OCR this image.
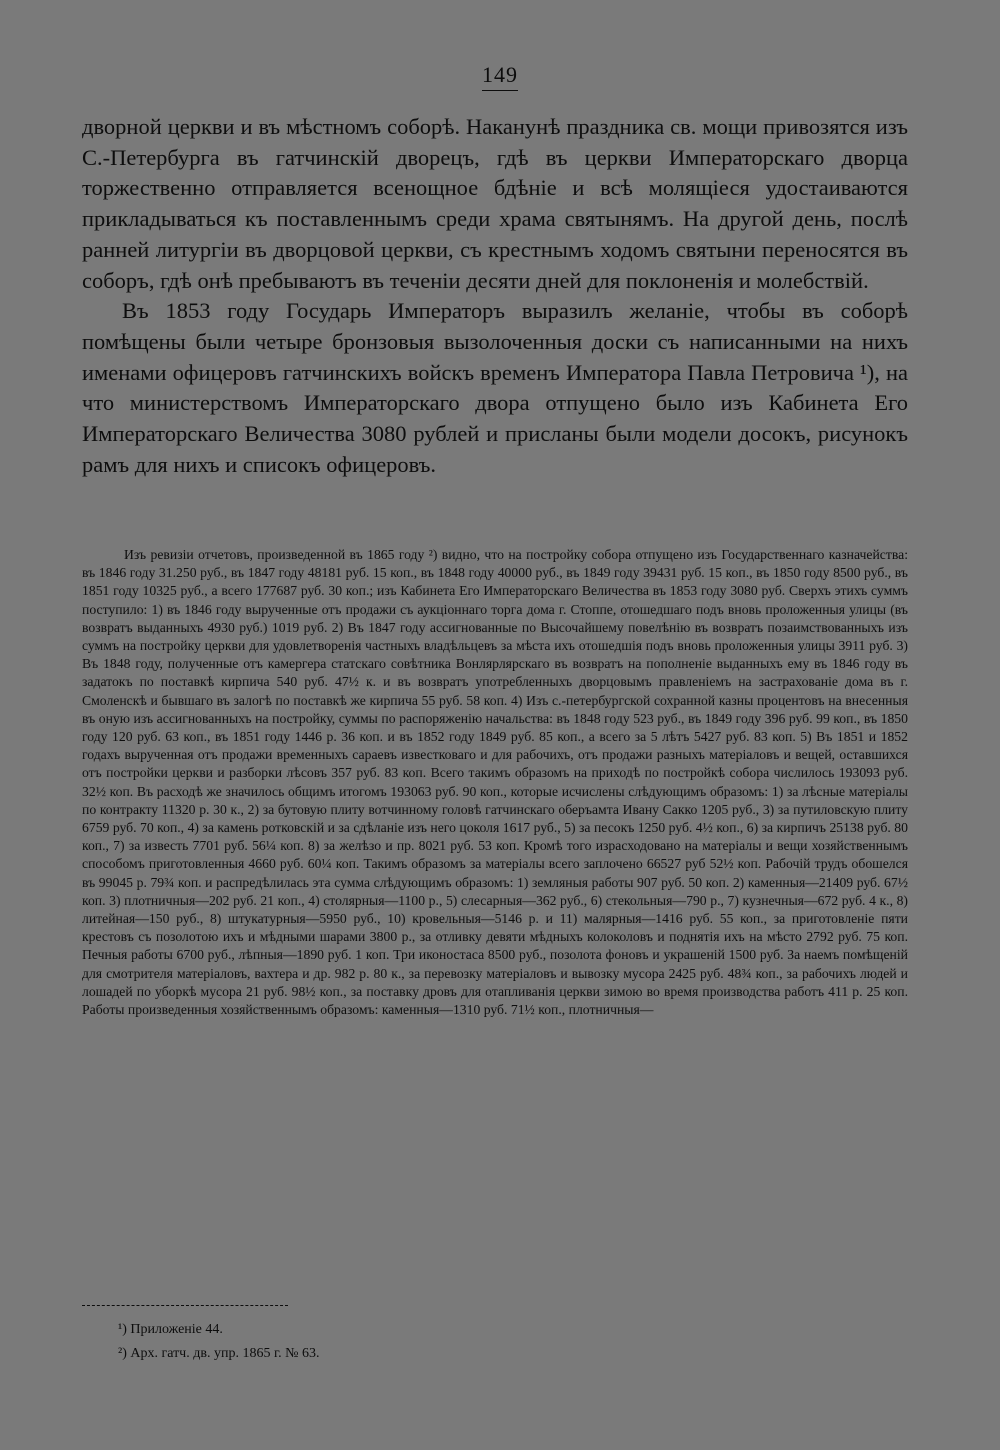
149

дворной церкви и въ мѣстномъ соборѣ. Наканунѣ праздника св. мощи привозятся изъ С.-Петербурга въ гатчинскій дворецъ, гдѣ въ церкви Императорскаго дворца торжественно отправляется всенощное бдѣніе и всѣ молящіеся удостаиваются прикладываться къ поставленнымъ среди храма святынямъ. На другой день, послѣ ранней литургіи въ дворцовой церкви, съ крестнымъ ходомъ святыни переносятся въ соборъ, гдѣ онѣ пребываютъ въ теченіи десяти дней для поклоненія и молебствій.

Въ 1853 году Государь Императоръ выразилъ желаніе, чтобы въ соборѣ помѣщены были четыре бронзовыя вызолоченныя доски съ написанными на нихъ именами офицеровъ гатчинскихъ войскъ временъ Императора Павла Петровича ¹), на что министерствомъ Императорскаго двора отпущено было изъ Кабинета Его Императорскаго Величества 3080 рублей и присланы были модели досокъ, рисунокъ рамъ для нихъ и списокъ офицеровъ.

Изъ ревизіи отчетовъ, произведенной въ 1865 году ²) видно, что на постройку собора отпущено изъ Государственнаго казначейства: въ 1846 году 31.250 руб., въ 1847 году 48181 руб. 15 коп., въ 1848 году 40000 руб., въ 1849 году 39431 руб. 15 коп., въ 1850 году 8500 руб., въ 1851 году 10325 руб., а всего 177687 руб. 30 коп.; изъ Кабинета Его Императорскаго Величества въ 1853 году 3080 руб. Сверхъ этихъ суммъ поступило: 1) въ 1846 году вырученные отъ продажи съ аукціоннаго торга дома г. Стоппе, отошедшаго подъ вновь проложенныя улицы (въ возвратъ выданныхъ 4930 руб.) 1019 руб. 2) Въ 1847 году ассигнованные по Высочайшему повелѣнію въ возвратъ позаимствованныхъ изъ суммъ на постройку церкви для удовлетворенія частныхъ владѣльцевъ за мѣста ихъ отошедшія подъ вновь проложенныя улицы 3911 руб. 3) Въ 1848 году, полученные отъ камергера статскаго совѣтника Вонлярлярскаго въ возвратъ на пополненіе выданныхъ ему въ 1846 году въ задатокъ по поставкѣ кирпича 540 руб. 47½ к. и въ возвратъ употребленныхъ дворцовымъ правленіемъ на застрахованіе дома въ г. Смоленскѣ и бывшаго въ залогѣ по поставкѣ же кирпича 55 руб. 58 коп. 4) Изъ с.-петербургской сохранной казны процентовъ на внесенныя въ оную изъ ассигнованныхъ на постройку, суммы по распоряженію начальства: въ 1848 году 523 руб., въ 1849 году 396 руб. 99 коп., въ 1850 году 120 руб. 63 коп., въ 1851 году 1446 р. 36 коп. и въ 1852 году 1849 руб. 85 коп., а всего за 5 лѣтъ 5427 руб. 83 коп. 5) Въ 1851 и 1852 годахъ вырученная отъ продажи временныхъ сараевъ известковаго и для рабочихъ, отъ продажи разныхъ матеріаловъ и вещей, оставшихся отъ постройки церкви и разборки лѣсовъ 357 руб. 83 коп. Всего такимъ образомъ на приходѣ по постройкѣ собора числилось 193093 руб. 32½ коп. Въ расходѣ же значилось общимъ итогомъ 193063 руб. 90 коп., которые исчислены слѣдующимъ образомъ: 1) за лѣсные матеріалы по контракту 11320 р. 30 к., 2) за бутовую плиту вотчинному головѣ гатчинскаго оберъамта Ивану Сакко 1205 руб., 3) за путиловскую плиту 6759 руб. 70 коп., 4) за камень ротковскій и за сдѣланіе изъ него цоколя 1617 руб., 5) за песокъ 1250 руб. 4½ коп., 6) за кирпичъ 25138 руб. 80 коп., 7) за известь 7701 руб. 56¼ коп. 8) за желѣзо и пр. 8021 руб. 53 коп. Кромѣ того израсходовано на матеріалы и вещи хозяйственнымъ способомъ приготовленныя 4660 руб. 60¼ коп. Такимъ образомъ за матеріалы всего заплочено 66527 руб 52½ коп. Рабочій трудъ обошелся въ 99045 р. 79¾ коп. и распредѣлилась эта сумма слѣдующимъ образомъ: 1) земляныя работы 907 руб. 50 коп. 2) каменныя—21409 руб. 67½ коп. 3) плотничныя—202 руб. 21 коп., 4) столярныя—1100 р., 5) слесарныя—362 руб., 6) стекольныя—790 р., 7) кузнечныя—672 руб. 4 к., 8) литейная—150 руб., 8) штукатурныя—5950 руб., 10) кровельныя—5146 р. и 11) малярныя—1416 руб. 55 коп., за приготовленіе пяти крестовъ съ позолотою ихъ и мѣдными шарами 3800 р., за отливку девяти мѣдныхъ колоколовъ и поднятія ихъ на мѣсто 2792 руб. 75 коп. Печныя работы 6700 руб., лѣпныя—1890 руб. 1 коп. Три иконостаса 8500 руб., позолота фоновъ и украшеній 1500 руб. За наемъ помѣщеній для смотрителя матеріаловъ, вахтера и др. 982 р. 80 к., за перевозку матеріаловъ и вывозку мусора 2425 руб. 48¾ коп., за рабочихъ людей и лошадей по уборкѣ мусора 21 руб. 98½ коп., за поставку дровъ для отапливанія церкви зимою во время производства работъ 411 р. 25 коп. Работы произведенныя хозяйственнымъ образомъ: каменныя—1310 руб. 71½ коп., плотничныя—

¹) Приложеніе 44.
²) Арх. гатч. дв. упр. 1865 г. № 63.
